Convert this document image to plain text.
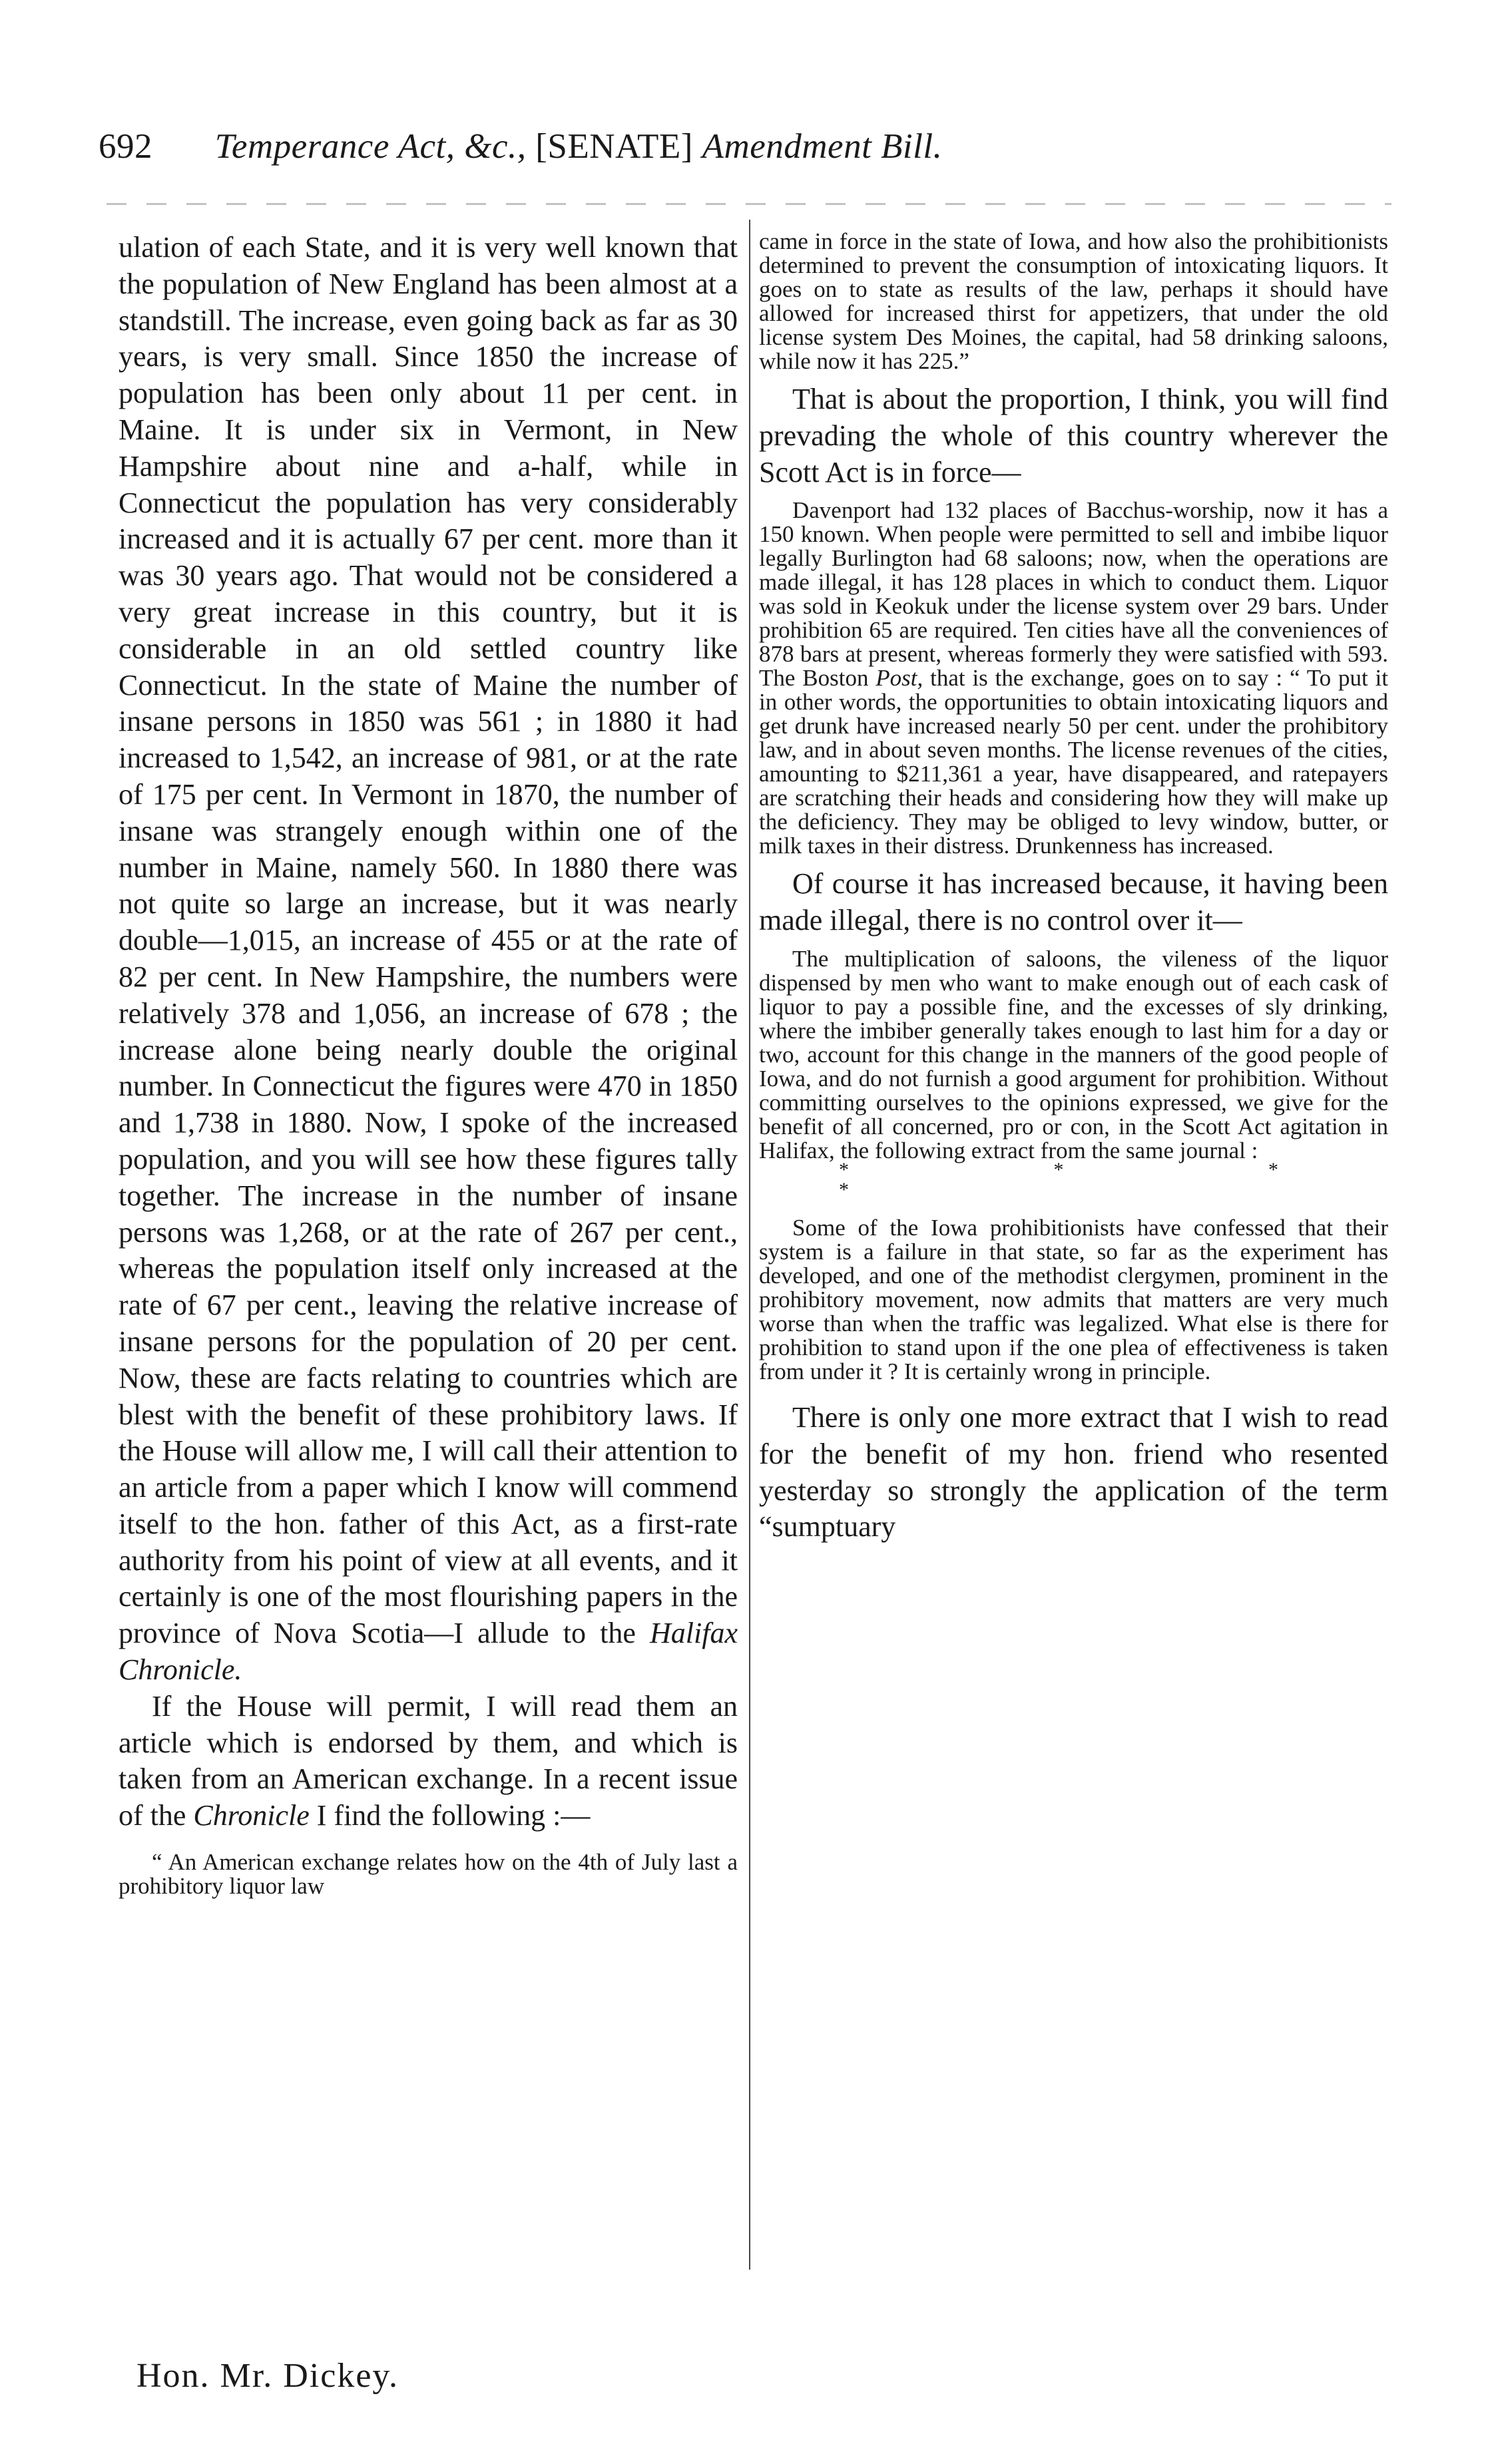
692 Temperance Act, &c., [SENATE] Amendment Bill.

ulation of each State, and it is very well known that the population of New England has been almost at a standstill. The increase, even going back as far as 30 years, is very small. Since 1850 the increase of population has been only about 11 per cent. in Maine. It is under six in Vermont, in New Hampshire about nine and a-half, while in Connecticut the population has very considerably increased and it is actually 67 per cent. more than it was 30 years ago. That would not be considered a very great increase in this country, but it is considerable in an old settled country like Connecticut. In the state of Maine the number of insane persons in 1850 was 561 ; in 1880 it had increased to 1,542, an increase of 981, or at the rate of 175 per cent. In Vermont in 1870, the number of insane was strangely enough within one of the number in Maine, namely 560. In 1880 there was not quite so large an increase, but it was nearly double—1,015, an increase of 455 or at the rate of 82 per cent. In New Hampshire, the numbers were relatively 378 and 1,056, an increase of 678 ; the increase alone being nearly double the original number. In Connecticut the figures were 470 in 1850 and 1,738 in 1880. Now, I spoke of the increased population, and you will see how these figures tally together. The increase in the number of insane persons was 1,268, or at the rate of 267 per cent., whereas the population itself only increased at the rate of 67 per cent., leaving the relative increase of insane persons for the population of 20 per cent. Now, these are facts relating to countries which are blest with the benefit of these prohibitory laws. If the House will allow me, I will call their attention to an article from a paper which I know will commend itself to the hon. father of this Act, as a first-rate authority from his point of view at all events, and it certainly is one of the most flourishing papers in the province of Nova Scotia—I allude to the Halifax Chronicle.

If the House will permit, I will read them an article which is endorsed by them, and which is taken from an American exchange. In a recent issue of the Chronicle I find the following :—

“ An American exchange relates how on the 4th of July last a prohibitory liquor law

came in force in the state of Iowa, and how also the prohibitionists determined to prevent the consumption of intoxicating liquors. It goes on to state as results of the law, perhaps it should have allowed for increased thirst for appetizers, that under the old license system Des Moines, the capital, had 58 drinking saloons, while now it has 225.”

That is about the proportion, I think, you will find prevading the whole of this country wherever the Scott Act is in force—

Davenport had 132 places of Bacchus-worship, now it has a 150 known. When people were permitted to sell and imbibe liquor legally Burlington had 68 saloons; now, when the operations are made illegal, it has 128 places in which to conduct them. Liquor was sold in Keokuk under the license system over 29 bars. Under prohibition 65 are required. Ten cities have all the conveniences of 878 bars at present, whereas formerly they were satisfied with 593. The Boston Post, that is the exchange, goes on to say : “ To put it in other words, the opportunities to obtain intoxicating liquors and get drunk have increased nearly 50 per cent. under the prohibitory law, and in about seven months. The license revenues of the cities, amounting to $211,361 a year, have disappeared, and ratepayers are scratching their heads and considering how they will make up the deficiency. They may be obliged to levy window, butter, or milk taxes in their distress. Drunkenness has increased.

Of course it has increased because, it having been made illegal, there is no control over it—

The multiplication of saloons, the vileness of the liquor dispensed by men who want to make enough out of each cask of liquor to pay a possible fine, and the excesses of sly drinking, where the imbiber generally takes enough to last him for a day or two, account for this change in the manners of the good people of Iowa, and do not furnish a good argument for prohibition. Without committing ourselves to the opinions expressed, we give for the benefit of all concerned, pro or con, in the Scott Act agitation in Halifax, the following extract from the same journal :

* * * *

Some of the Iowa prohibitionists have confessed that their system is a failure in that state, so far as the experiment has developed, and one of the methodist clergymen, prominent in the prohibitory movement, now admits that matters are very much worse than when the traffic was legalized. What else is there for prohibition to stand upon if the one plea of effectiveness is taken from under it ? It is certainly wrong in principle.

There is only one more extract that I wish to read for the benefit of my hon. friend who resented yesterday so strongly the application of the term “sumptuary

Hon. Mr. Dickey.
